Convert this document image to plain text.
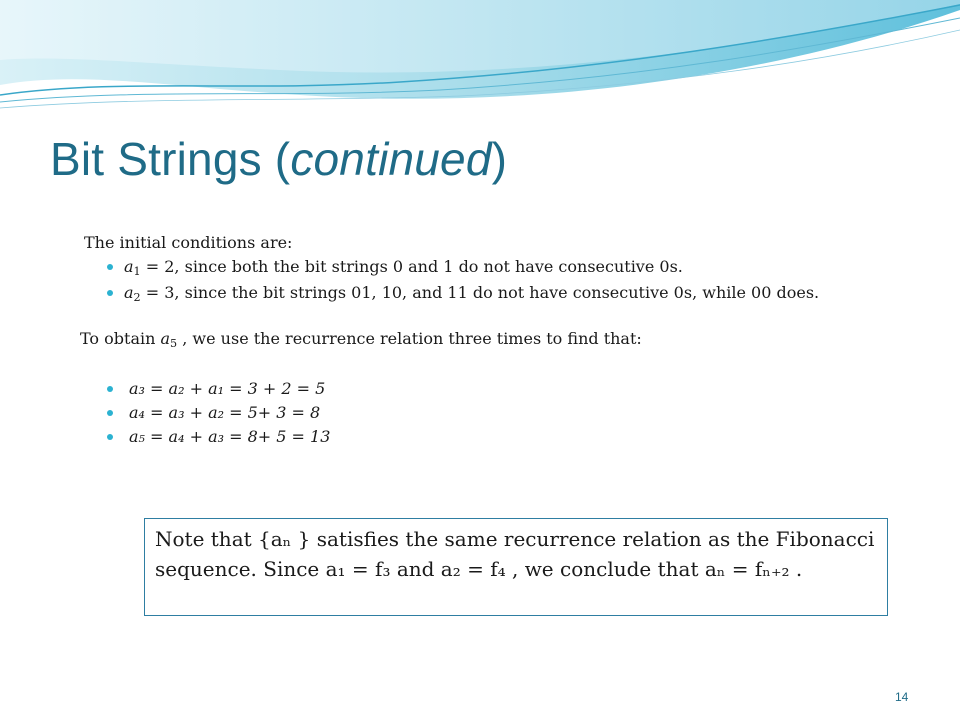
Bit Strings (continued)
The initial conditions are:
$a_1 = 2$, since both the bit strings 0 and 1 do not have consecutive 0s.
$a_2 = 3$, since the bit strings 01, 10, and 11 do not have consecutive 0s, while 00 does.
To obtain $a_5$ , we use the recurrence relation three times to find that:
a₃ = a₂ + a₁ = 3 + 2 = 5
a₄ = a₃ + a₂ = 5+ 3 = 8
a₅ = a₄ + a₃ = 8+ 5 = 13
Note that {aₙ } satisfies the same recurrence relation as the Fibonacci
sequence. Since a₁ = f₃ and a₂ = f₄ , we conclude that aₙ = fₙ₊₂ .
14
